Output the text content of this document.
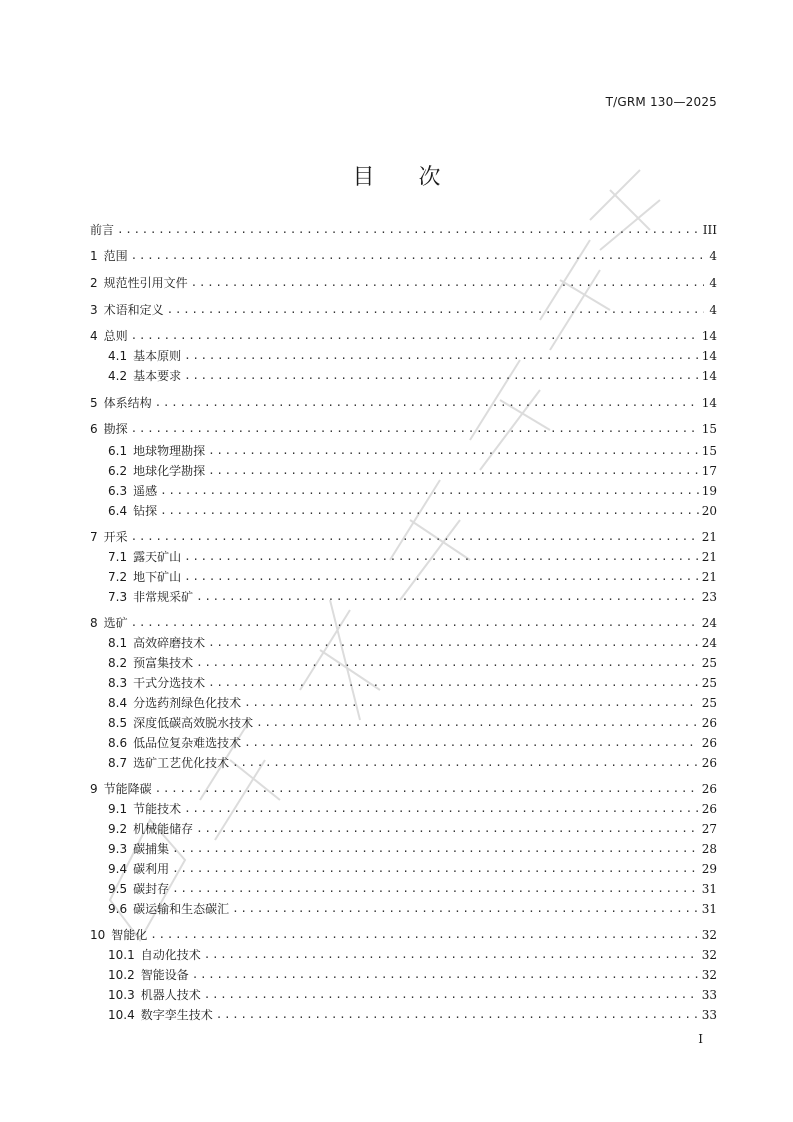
T/GRM 130—2025
目 次
前言 .....	III
1 范围 .....	4
2 规范性引用文件 .....	4
3 术语和定义 .....	4
4 总则 .....	14
4.1 基本原则 .....	14
4.2 基本要求 .....	14
5 体系结构 .....	14
6 勘探 .....	15
6.1 地球物理勘探 .....	15
6.2 地球化学勘探 .....	17
6.3 遥感 .....	19
6.4 钻探 .....	20
7 开采 .....	21
7.1 露天矿山 .....	21
7.2 地下矿山 .....	21
7.3 非常规采矿 .....	23
8 选矿 .....	24
8.1 高效碎磨技术 .....	24
8.2 预富集技术 .....	25
8.3 干式分选技术 .....	25
8.4 分选药剂绿色化技术 .....	25
8.5 深度低碳高效脱水技术 .....	26
8.6 低品位复杂难选技术 .....	26
8.7 选矿工艺优化技术 .....	26
9 节能降碳 .....	26
9.1 节能技术 .....	26
9.2 机械能储存 .....	27
9.3 碳捕集 .....	28
9.4 碳利用 .....	29
9.5 碳封存 .....	31
9.6 碳运输和生态碳汇 .....	31
10 智能化 .....	32
10.1 自动化技术 .....	32
10.2 智能设备 .....	32
10.3 机器人技术 .....	33
10.4 数字孪生技术 .....	33
I
